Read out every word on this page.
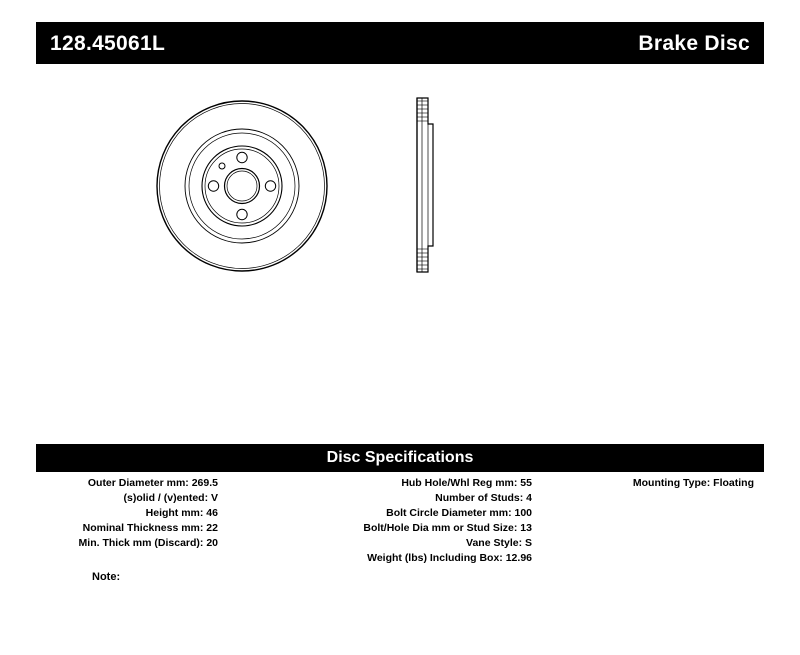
128.45061L	Brake Disc
Disc Specifications
Outer Diameter mm: 269.5
(s)olid / (v)ented: V
Height mm: 46
Nominal Thickness mm: 22
Min. Thick mm (Discard): 20
Hub Hole/Whl Reg mm: 55
Number of Studs: 4
Bolt Circle Diameter mm: 100
Bolt/Hole Dia mm or Stud Size: 13
Vane Style: S
Weight (lbs) Including Box: 12.96
Mounting Type: Floating
Note:
